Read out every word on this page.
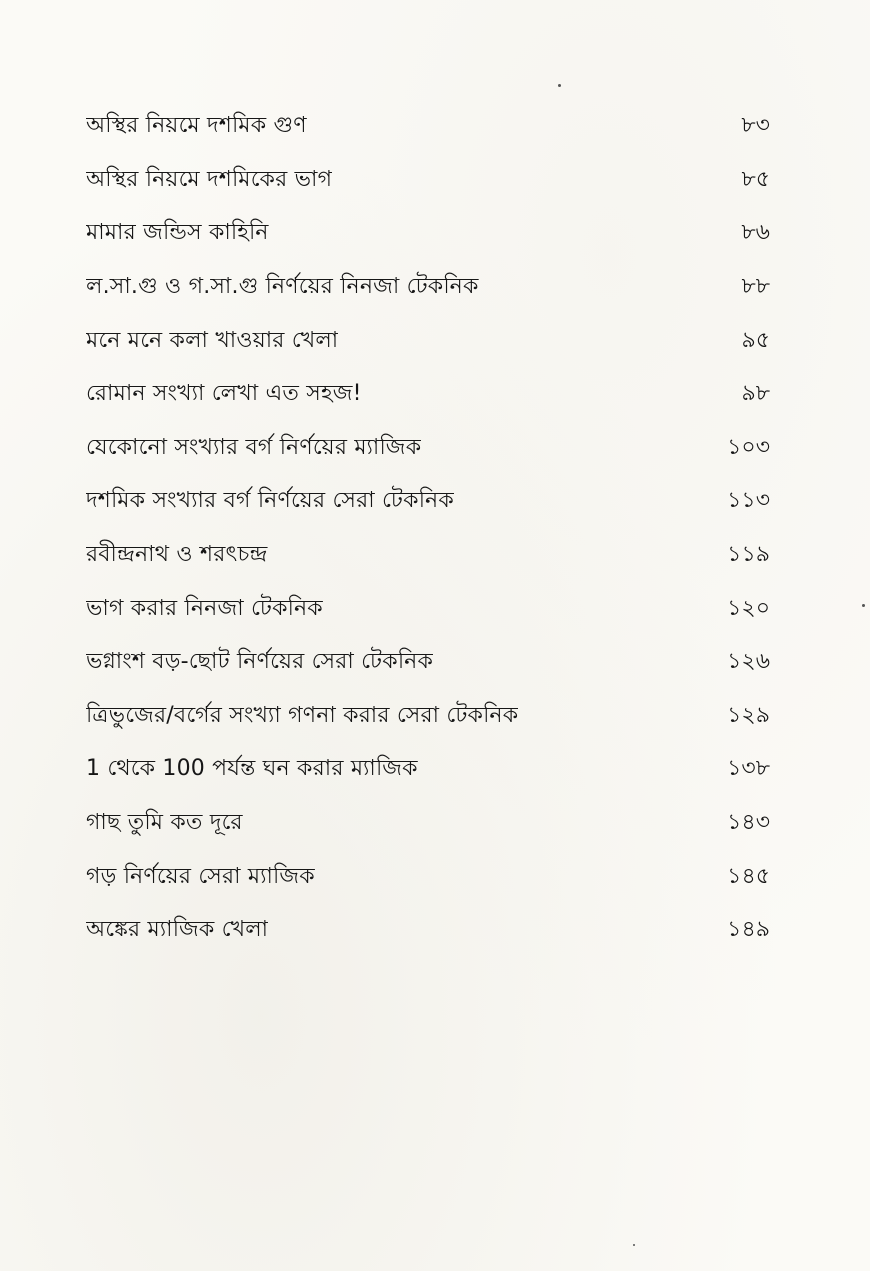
অস্থির নিয়মে দশমিক গুণ	৮৩
অস্থির নিয়মে দশমিকের ভাগ	৮৫
মামার জন্ডিস কাহিনি	৮৬
ল.সা.গু ও গ.সা.গু নির্ণয়ের নিনজা টেকনিক	৮৮
মনে মনে কলা খাওয়ার খেলা	৯৫
রোমান সংখ্যা লেখা এত সহজ!	৯৮
যেকোনো সংখ্যার বর্গ নির্ণয়ের ম্যাজিক	১০৩
দশমিক সংখ্যার বর্গ নির্ণয়ের সেরা টেকনিক	১১৩
রবীন্দ্রনাথ ও শরৎচন্দ্র	১১৯
ভাগ করার নিনজা টেকনিক	১২০
ভগ্নাংশ বড়-ছোট নির্ণয়ের সেরা টেকনিক	১২৬
ত্রিভুজের/বর্গের সংখ্যা গণনা করার সেরা টেকনিক	১২৯
1 থেকে 100 পর্যন্ত ঘন করার ম্যাজিক	১৩৮
গাছ তুমি কত দূরে	১৪৩
গড় নির্ণয়ের সেরা ম্যাজিক	১৪৫
অঙ্কের ম্যাজিক খেলা	১৪৯
